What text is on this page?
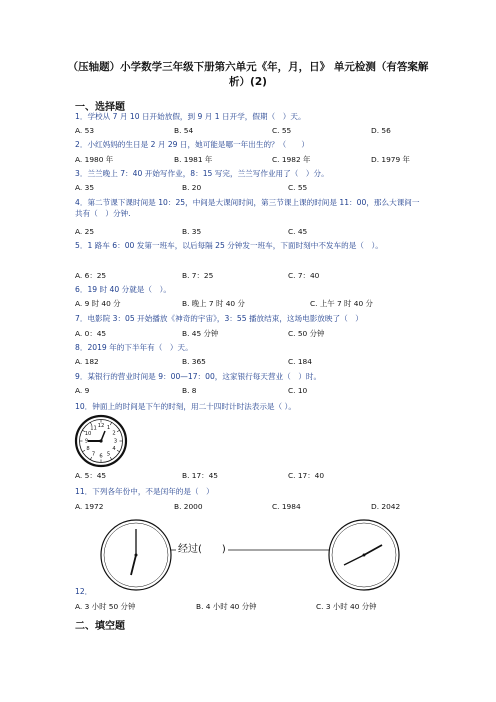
（压轴题）小学数学三年级下册第六单元《年，月，日》 单元检测（有答案解析）(2)
一、选择题
1．学校从 7 月 10 日开始放假，到 9 月 1 日开学，假期（　）天。
A. 53	B. 54	C. 55	D. 56
2．小红妈妈的生日是 2 月 29 日，她可能是哪一年出生的？（　　）
A. 1980 年	B. 1981 年	C. 1982 年	D. 1979 年
3．兰兰晚上 7：40 开始写作业，8：15 写完，兰兰写作业用了（　）分。
A. 35	B. 20	C. 55
4．第二节课下课时间是 10：25，中间是大课间时间，第三节课上课的时间是 11：00，那么大课间一共有（　）分钟.
A. 25	B. 35	C. 45
5．1 路车 6：00 发第一班车，以后每隔 25 分钟发一班车，下面时刻中不发车的是（　）。
A. 6：25	B. 7：25	C. 7：40
6．19 时 40 分就是（　）。
A. 9 时 40 分	B. 晚上 7 时 40 分	C. 上午 7 时 40 分
7．电影院 3：05 开始播放《神奇的宇宙》，3：55 播放结束，这场电影放映了（　）
A. 0：45	B. 45 分钟	C. 50 分钟
8．2019 年的下半年有（　）天。
A. 182	B. 365	C. 184
9．某银行的营业时间是 9：00—17：00，这家银行每天营业（　）时。
A. 9	B. 8	C. 10
10．钟面上的时间是下午的时刻，用二十四时计时法表示是（ ）。
12 1
2
3
4
5
6
7
8
9
10
11
A. 5：45	B. 17：45	C. 17：40
11．下列各年份中，不是闰年的是（　）
A. 1972	B. 2000	C. 1984	D. 2042
经过(　　)
12．
A. 3 小时 50 分钟	B. 4 小时 40 分钟	C. 3 小时 40 分钟
二、填空题
